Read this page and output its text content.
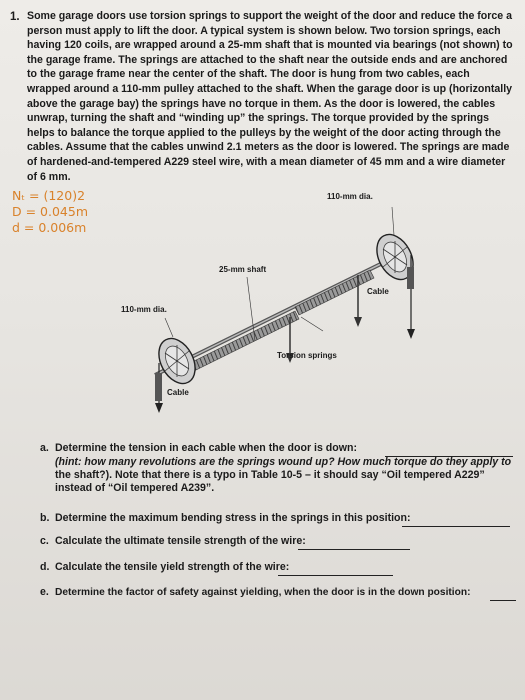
1. Some garage doors use torsion springs to support the weight of the door and reduce the force a person must apply to lift the door. A typical system is shown below. Two torsion springs, each having 120 coils, are wrapped around a 25-mm shaft that is mounted via bearings (not shown) to the garage frame. The springs are attached to the shaft near the outside ends and are anchored to the garage frame near the center of the shaft. The door is hung from two cables, each wrapped around a 110-mm pulley attached to the shaft. When the garage door is up (horizontally above the garage bay) the springs have no torque in them. As the door is lowered, the cables unwrap, turning the shaft and “winding up” the springs. The torque provided by the springs helps to balance the torque applied to the pulleys by the weight of the door acting through the cables. Assume that the cables unwind 2.1 meters as the door is lowered. The springs are made of hardened-and-tempered A229 steel wire, with a mean diameter of 45 mm and a wire diameter of 6 mm.

Nₜ = (120)2
D = 0.045m
d = 0.006m
110-mm dia.
110-mm dia.
25-mm shaft
Torsion springs
Cable
Cable
a. Determine the tension in each cable when the door is down:
(hint: how many revolutions are the springs wound up? How much torque do they apply to
the shaft?). Note that there is a typo in Table 10-5 – it should say “Oil tempered A229”
instead of “Oil tempered A239”.
b. Determine the maximum bending stress in the springs in this position:
c. Calculate the ultimate tensile strength of the wire:
d. Calculate the tensile yield strength of the wire:
e. Determine the factor of safety against yielding, when the door is in the down position:
